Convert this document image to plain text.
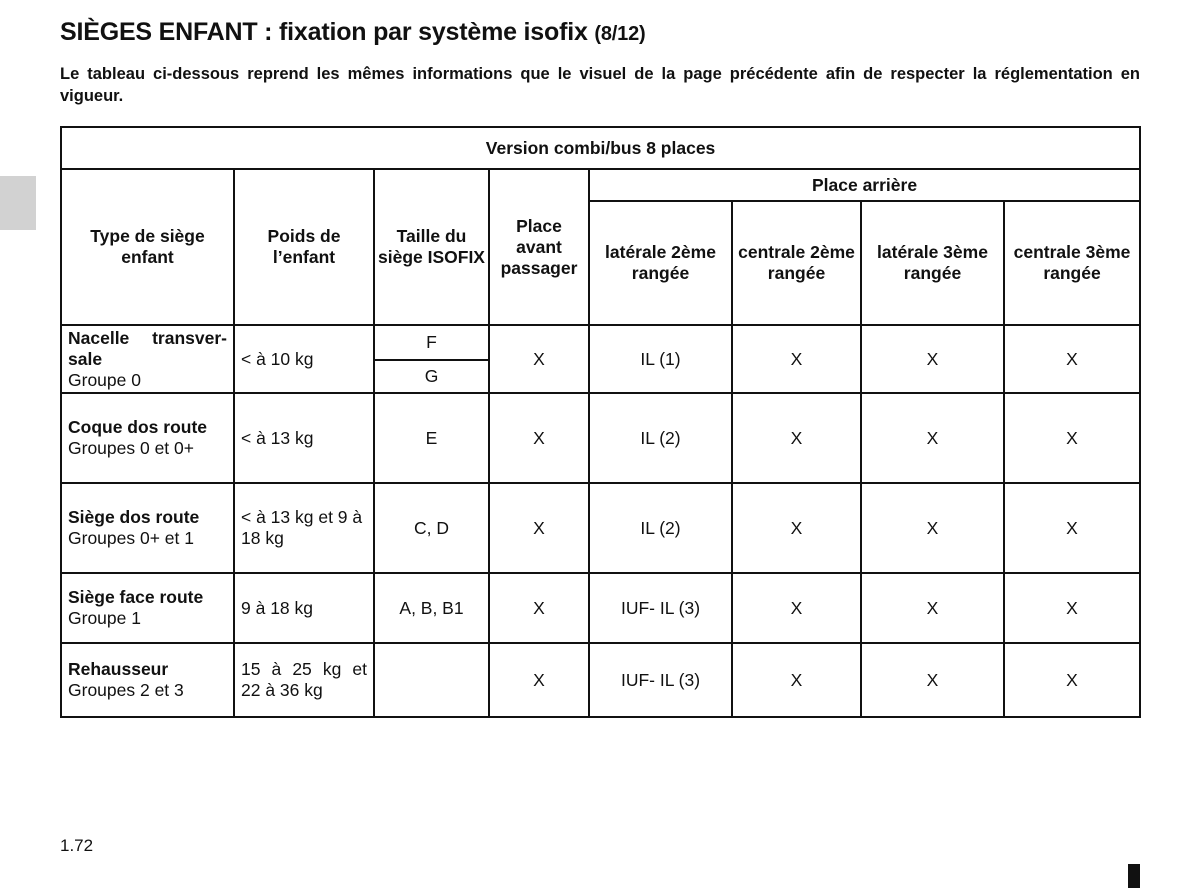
SIÈGES ENFANT : fixation par système isofix (8/12)

Le tableau ci-dessous reprend les mêmes informations que le visuel de la page précédente afin de respecter la réglementation en vigueur.

Version combi/bus 8 places							
Type de siège enfant	Poids de l’enfant	Taille du siège ISOFIX	Place avant passager	Place arrière			
				latérale 2ème rangée	centrale 2ème rangée	latérale 3ème rangée	centrale 3ème rangée

Nacelle transver-
sale
Groupe 0	< à 10 kg	F	X	IL (1)	X	X	X
		G					

Coque dos route
Groupes 0 et 0+	< à 13 kg	E	X	IL (2)	X	X	X

Siège dos route
Groupes 0+ et 1	< à 13 kg et 9 à 18 kg	C, D	X	IL (2)	X	X	X

Siège face route
Groupe 1	9 à 18 kg	A, B, B1	X	IUF- IL (3)	X	X	X

Rehausseur
Groupes 2 et 3	15 à 25 kg et
22 à 36 kg		X	IUF- IL (3)	X	X	X
1.72
